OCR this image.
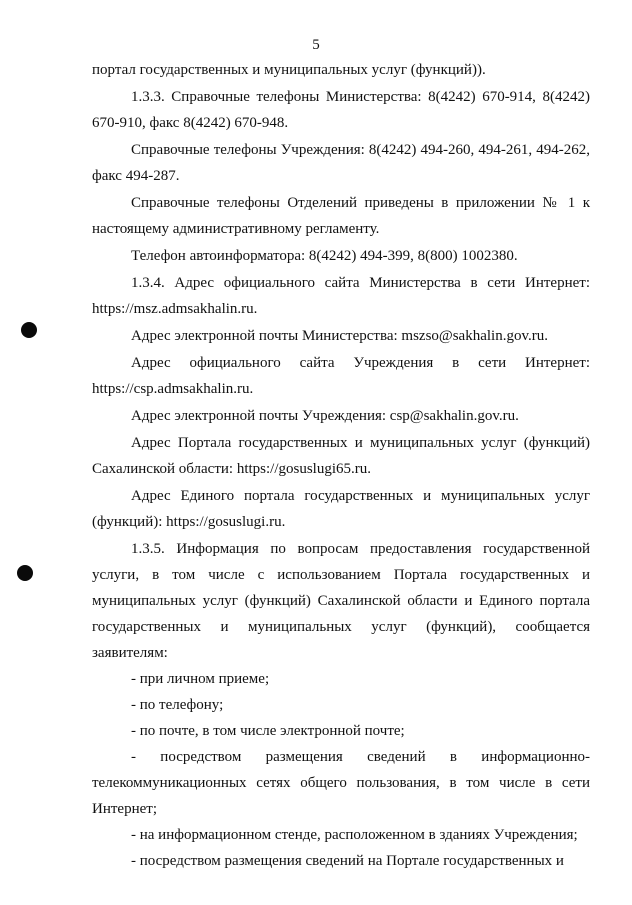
5

портал государственных и муниципальных услуг (функций)).

1.3.3. Справочные телефоны Министерства: 8(4242) 670-914, 8(4242) 670-910, факс 8(4242) 670-948.

Справочные телефоны Учреждения: 8(4242) 494-260, 494-261, 494-262, факс 494-287.

Справочные телефоны Отделений приведены в приложении № 1 к настоящему административному регламенту.

Телефон автоинформатора: 8(4242) 494-399, 8(800) 1002380.

1.3.4. Адрес официального сайта Министерства в сети Интернет: https://msz.admsakhalin.ru.

Адрес электронной почты Министерства: mszso@sakhalin.gov.ru.

Адрес официального сайта Учреждения в сети Интернет: https://csp.admsakhalin.ru.

Адрес электронной почты Учреждения: csp@sakhalin.gov.ru.

Адрес Портала государственных и муниципальных услуг (функций) Сахалинской области: https://gosuslugi65.ru.

Адрес Единого портала государственных и муниципальных услуг (функций): https://gosuslugi.ru.

1.3.5. Информация по вопросам предоставления государственной услуги, в том числе с использованием Портала государственных и муниципальных услуг (функций) Сахалинской области и Единого портала государственных и муниципальных услуг (функций), сообщается заявителям:

- при личном приеме;

- по телефону;

- по почте, в том числе электронной почте;

- посредством размещения сведений в информационно-телекоммуникационных сетях общего пользования, в том числе в сети Интернет;

- на информационном стенде, расположенном в зданиях Учреждения;

- посредством размещения сведений на Портале государственных и
